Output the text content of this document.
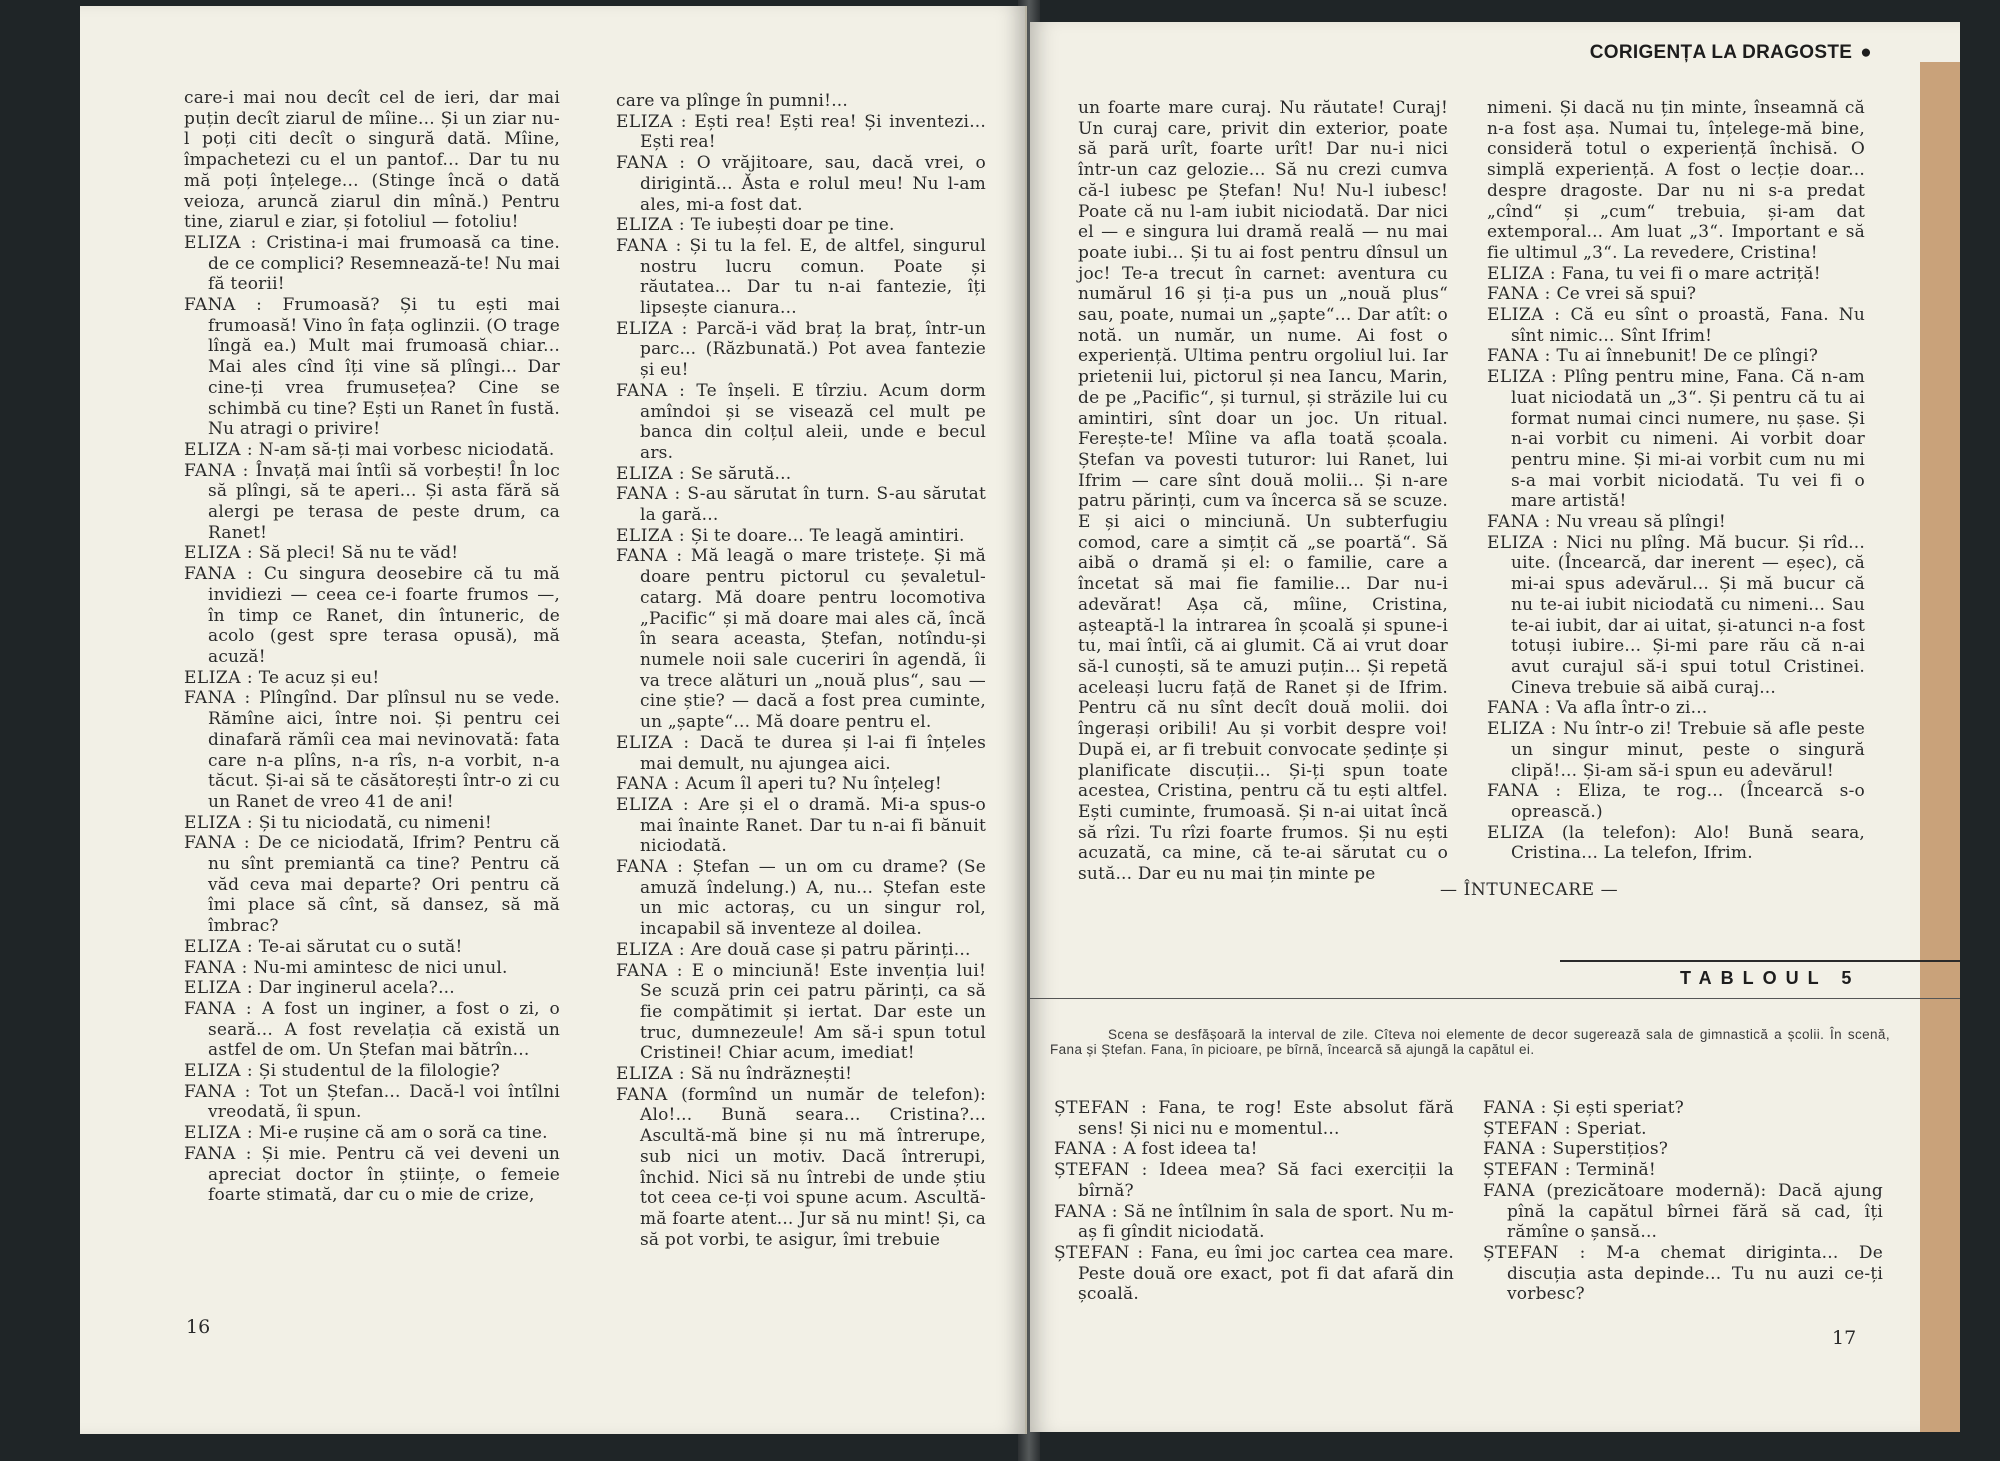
care-i mai nou decît cel de ieri, dar mai puțin decît ziarul de mîine... Și un ziar nu-l poți citi decît o singură dată. Mîine, împachetezi cu el un pantof... Dar tu nu mă poți înțelege... (Stinge încă o dată veioza, aruncă ziarul din mînă.) Pentru tine, ziarul e ziar, și fotoliul — fotoliu!

ELIZA : Cristina-i mai frumoasă ca tine. de ce complici? Resemnează-te! Nu mai fă teorii!

FANA : Frumoasă? Și tu ești mai frumoasă! Vino în fața oglinzii. (O trage lîngă ea.) Mult mai frumoasă chiar... Mai ales cînd îți vine să plîngi... Dar cine-ți vrea frumusețea? Cine se schimbă cu tine? Ești un Ranet în fustă. Nu atragi o privire!

ELIZA : N-am să-ți mai vorbesc niciodată.

FANA : Învață mai întîi să vorbești! În loc să plîngi, să te aperi... Și asta fără să alergi pe terasa de peste drum, ca Ranet!

ELIZA : Să pleci! Să nu te văd!

FANA : Cu singura deosebire că tu mă invidiezi — ceea ce-i foarte frumos —, în timp ce Ranet, din întuneric, de acolo (gest spre terasa opusă), mă acuză!

ELIZA : Te acuz și eu!

FANA : Plîngînd. Dar plînsul nu se vede. Rămîne aici, între noi. Și pentru cei dinafară rămîi cea mai nevinovată: fata care n-a plîns, n-a rîs, n-a vorbit, n-a tăcut. Și-ai să te căsătorești într-o zi cu un Ranet de vreo 41 de ani!

ELIZA : Și tu niciodată, cu nimeni!

FANA : De ce niciodată, Ifrim? Pentru că nu sînt premiantă ca tine? Pentru că văd ceva mai departe? Ori pentru că îmi place să cînt, să dansez, să mă îmbrac?

ELIZA : Te-ai sărutat cu o sută!

FANA : Nu-mi amintesc de nici unul.

ELIZA : Dar inginerul acela?...

FANA : A fost un inginer, a fost o zi, o seară... A fost revelația că există un astfel de om. Un Ștefan mai bătrîn...

ELIZA : Și studentul de la filologie?

FANA : Tot un Ștefan... Dacă-l voi întîlni vreodată, îi spun.

ELIZA : Mi-e rușine că am o soră ca tine.

FANA : Și mie. Pentru că vei deveni un apreciat doctor în științe, o femeie foarte stimată, dar cu o mie de crize,

care va plînge în pumni!...

ELIZA : Ești rea! Ești rea! Și inventezi... Ești rea!

FANA : O vrăjitoare, sau, dacă vrei, o dirigintă... Ăsta e rolul meu! Nu l-am ales, mi-a fost dat.

ELIZA : Te iubești doar pe tine.

FANA : Și tu la fel. E, de altfel, singurul nostru lucru comun. Poate și răutatea... Dar tu n-ai fantezie, îți lipsește cianura...

ELIZA : Parcă-i văd braț la braț, într-un parc... (Răzbunată.) Pot avea fantezie și eu!

FANA : Te înșeli. E tîrziu. Acum dorm amîndoi și se visează cel mult pe banca din colțul aleii, unde e becul ars.

ELIZA : Se sărută...

FANA : S-au sărutat în turn. S-au sărutat la gară...

ELIZA : Și te doare... Te leagă amintiri.

FANA : Mă leagă o mare tristețe. Și mă doare pentru pictorul cu șevaletul-catarg. Mă doare pentru locomotiva „Pacific“ și mă doare mai ales că, încă în seara aceasta, Ștefan, notîndu-și numele noii sale cuceriri în agendă, îi va trece alături un „nouă plus“, sau — cine știe? — dacă a fost prea cuminte, un „șapte“... Mă doare pentru el.

ELIZA : Dacă te durea și l-ai fi înțeles mai demult, nu ajungea aici.

FANA : Acum îl aperi tu? Nu înțeleg!

ELIZA : Are și el o dramă. Mi-a spus-o mai înainte Ranet. Dar tu n-ai fi bănuit niciodată.

FANA : Ștefan — un om cu drame? (Se amuză îndelung.) A, nu... Ștefan este un mic actoraș, cu un singur rol, incapabil să inventeze al doilea.

ELIZA : Are două case și patru părinți...

FANA : E o minciună! Este invenția lui! Se scuză prin cei patru părinți, ca să fie compătimit și iertat. Dar este un truc, dumnezeule! Am să-i spun totul Cristinei! Chiar acum, imediat!

ELIZA : Să nu îndrăznești!

FANA (formînd un număr de telefon): Alo!... Bună seara... Cristina?... Ascultă-mă bine și nu mă întrerupe, sub nici un motiv. Dacă întrerupi, închid. Nici să nu întrebi de unde știu tot ceea ce-ți voi spune acum. Ascultă-mă foarte atent... Jur să nu mint! Și, ca să pot vorbi, te asigur, îmi trebuie

16
CORIGENȚA LA DRAGOSTE ●

un foarte mare curaj. Nu răutate! Curaj! Un curaj care, privit din exterior, poate să pară urît, foarte urît! Dar nu-i nici într-un caz gelozie... Să nu crezi cumva că-l iubesc pe Ștefan! Nu! Nu-l iubesc! Poate că nu l-am iubit niciodată. Dar nici el — e singura lui dramă reală — nu mai poate iubi... Și tu ai fost pentru dînsul un joc! Te-a trecut în carnet: aventura cu numărul 16 și ți-a pus un „nouă plus“ sau, poate, numai un „șapte“... Dar atît: o notă. un număr, un nume. Ai fost o experiență. Ultima pentru orgoliul lui. Iar prietenii lui, pictorul și nea Iancu, Marin, de pe „Pacific“, și turnul, și străzile lui cu amintiri, sînt doar un joc. Un ritual. Ferește-te! Mîine va afla toată școala. Ștefan va povesti tuturor: lui Ranet, lui Ifrim — care sînt două molii... Și n-are patru părinți, cum va încerca să se scuze. E și aici o minciună. Un subterfugiu comod, care a simțit că „se poartă“. Să aibă o dramă și el: o familie, care a încetat să mai fie familie... Dar nu-i adevărat! Așa că, mîine, Cristina, așteaptă-l la intrarea în școală și spune-i tu, mai întîi, că ai glumit. Că ai vrut doar să-l cunoști, să te amuzi puțin... Și repetă aceleași lucru față de Ranet și de Ifrim. Pentru că nu sînt decît două molii. doi îngerași oribili! Au și vorbit despre voi! După ei, ar fi trebuit convocate ședințe și planificate discuții... Și-ți spun toate acestea, Cristina, pentru că tu ești altfel. Ești cuminte, frumoasă. Și n-ai uitat încă să rîzi. Tu rîzi foarte frumos. Și nu ești acuzată, ca mine, că te-ai sărutat cu o sută... Dar eu nu mai țin minte pe

nimeni. Și dacă nu țin minte, înseamnă că n-a fost așa. Numai tu, înțelege-mă bine, consideră totul o experiență închisă. O simplă experiență. A fost o lecție doar... despre dragoste. Dar nu ni s-a predat „cînd“ și „cum“ trebuia, și-am dat extemporal... Am luat „3“. Important e să fie ultimul „3“. La revedere, Cristina!

ELIZA : Fana, tu vei fi o mare actriță!

FANA : Ce vrei să spui?

ELIZA : Că eu sînt o proastă, Fana. Nu sînt nimic... Sînt Ifrim!

FANA : Tu ai înnebunit! De ce plîngi?

ELIZA : Plîng pentru mine, Fana. Că n-am luat niciodată un „3“. Și pentru că tu ai format numai cinci numere, nu șase. Și n-ai vorbit cu nimeni. Ai vorbit doar pentru mine. Și mi-ai vorbit cum nu mi s-a mai vorbit niciodată. Tu vei fi o mare artistă!

FANA : Nu vreau să plîngi!

ELIZA : Nici nu plîng. Mă bucur. Și rîd... uite. (Încearcă, dar inerent — eșec), că mi-ai spus adevărul... Și mă bucur că nu te-ai iubit niciodată cu nimeni... Sau te-ai iubit, dar ai uitat, și-atunci n-a fost totuși iubire... Și-mi pare rău că n-ai avut curajul să-i spui totul Cristinei. Cineva trebuie să aibă curaj...

FANA : Va afla într-o zi...

ELIZA : Nu într-o zi! Trebuie să afle peste un singur minut, peste o singură clipă!... Și-am să-i spun eu adevărul!

FANA : Eliza, te rog... (Încearcă s-o oprească.)

ELIZA (la telefon): Alo! Bună seara, Cristina... La telefon, Ifrim.

— ÎNTUNECARE —
TABLOUL 5
Scena se desfășoară la interval de zile. Cîteva noi elemente de decor sugerează sala de gimnastică a școlii. În scenă, Fana și Ștefan. Fana, în picioare, pe bîrnă, încearcă să ajungă la capătul ei.

ȘTEFAN : Fana, te rog! Este absolut fără sens! Și nici nu e momentul...

FANA : A fost ideea ta!

ȘTEFAN : Ideea mea? Să faci exerciții la bîrnă?

FANA : Să ne întîlnim în sala de sport. Nu m-aș fi gîndit niciodată.

ȘTEFAN : Fana, eu îmi joc cartea cea mare. Peste două ore exact, pot fi dat afară din școală.

FANA : Și ești speriat?

ȘTEFAN : Speriat.

FANA : Superstițios?

ȘTEFAN : Termină!

FANA (prezicătoare modernă): Dacă ajung pînă la capătul bîrnei fără să cad, îți rămîne o șansă...

ȘTEFAN : M-a chemat diriginta... De discuția asta depinde... Tu nu auzi ce-ți vorbesc?

17
